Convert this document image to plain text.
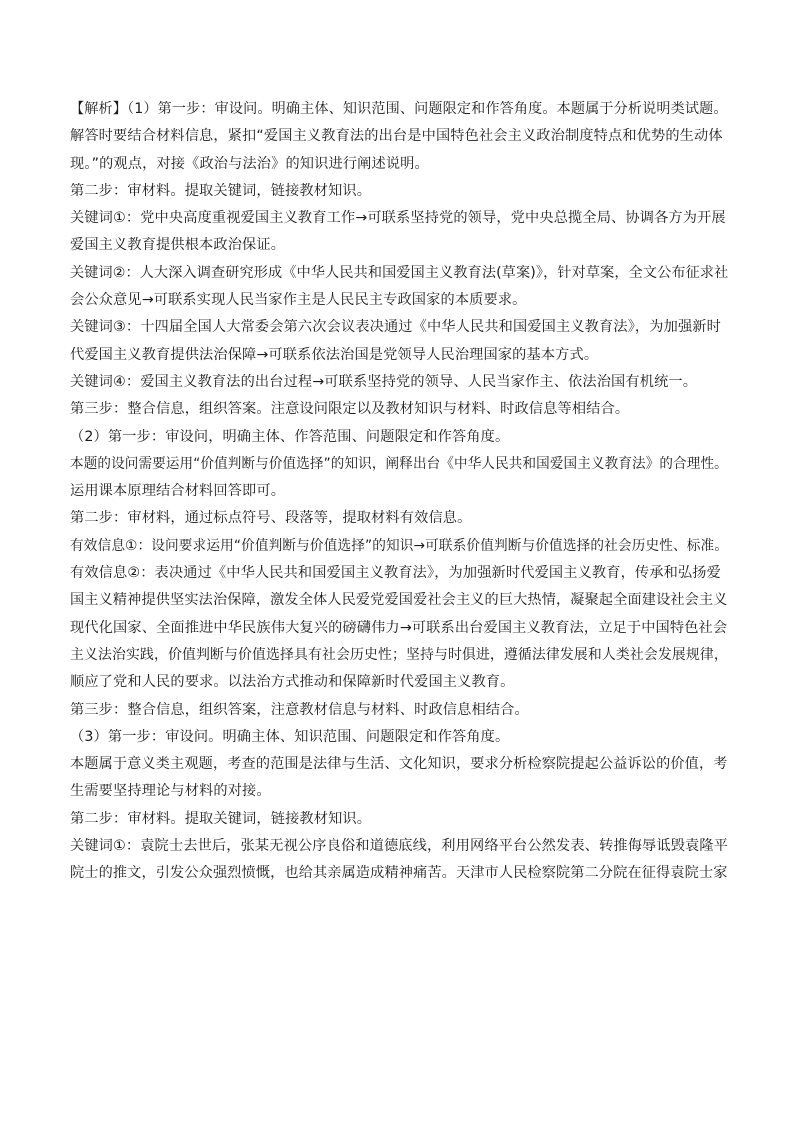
【解析】（1）第一步：审设问。明确主体、知识范围、问题限定和作答角度。本题属于分析说明类试题。
解答时要结合材料信息，紧扣“爱国主义教育法的出台是中国特色社会主义政治制度特点和优势的生动体
现。”的观点，对接《政治与法治》的知识进行阐述说明。
第二步：审材料。提取关键词，链接教材知识。
关键词①：党中央高度重视爱国主义教育工作→可联系坚持党的领导，党中央总揽全局、协调各方为开展
爱国主义教育提供根本政治保证。
关键词②：人大深入调查研究形成《中华人民共和国爱国主义教育法(草案)》，针对草案，全文公布征求社
会公众意见→可联系实现人民当家作主是人民民主专政国家的本质要求。
关键词③：十四届全国人大常委会第六次会议表决通过《中华人民共和国爱国主义教育法》，为加强新时
代爱国主义教育提供法治保障→可联系依法治国是党领导人民治理国家的基本方式。
关键词④：爱国主义教育法的出台过程→可联系坚持党的领导、人民当家作主、依法治国有机统一。
第三步：整合信息，组织答案。注意设问限定以及教材知识与材料、时政信息等相结合。
（2）第一步：审设问，明确主体、作答范围、问题限定和作答角度。
本题的设问需要运用“价值判断与价值选择”的知识，阐释出台《中华人民共和国爱国主义教育法》的合理性。
运用课本原理结合材料回答即可。
第二步：审材料，通过标点符号、段落等，提取材料有效信息。
有效信息①：设问要求运用“价值判断与价值选择”的知识→可联系价值判断与价值选择的社会历史性、标准。
有效信息②：表决通过《中华人民共和国爱国主义教育法》，为加强新时代爱国主义教育，传承和弘扬爱
国主义精神提供坚实法治保障，激发全体人民爱党爱国爱社会主义的巨大热情，凝聚起全面建设社会主义
现代化国家、全面推进中华民族伟大复兴的磅礴伟力→可联系出台爱国主义教育法，立足于中国特色社会
主义法治实践，价值判断与价值选择具有社会历史性；坚持与时俱进，遵循法律发展和人类社会发展规律，
顺应了党和人民的要求。以法治方式推动和保障新时代爱国主义教育。
第三步：整合信息，组织答案，注意教材信息与材料、时政信息相结合。
（3）第一步：审设问。明确主体、知识范围、问题限定和作答角度。
本题属于意义类主观题，考查的范围是法律与生活、文化知识，要求分析检察院提起公益诉讼的价值，考
生需要坚持理论与材料的对接。
第二步：审材料。提取关键词，链接教材知识。
关键词①：袁院士去世后，张某无视公序良俗和道德底线，利用网络平台公然发表、转推侮辱诋毁袁隆平
院士的推文，引发公众强烈愤慨，也给其亲属造成精神痛苦。天津市人民检察院第二分院在征得袁院士家
